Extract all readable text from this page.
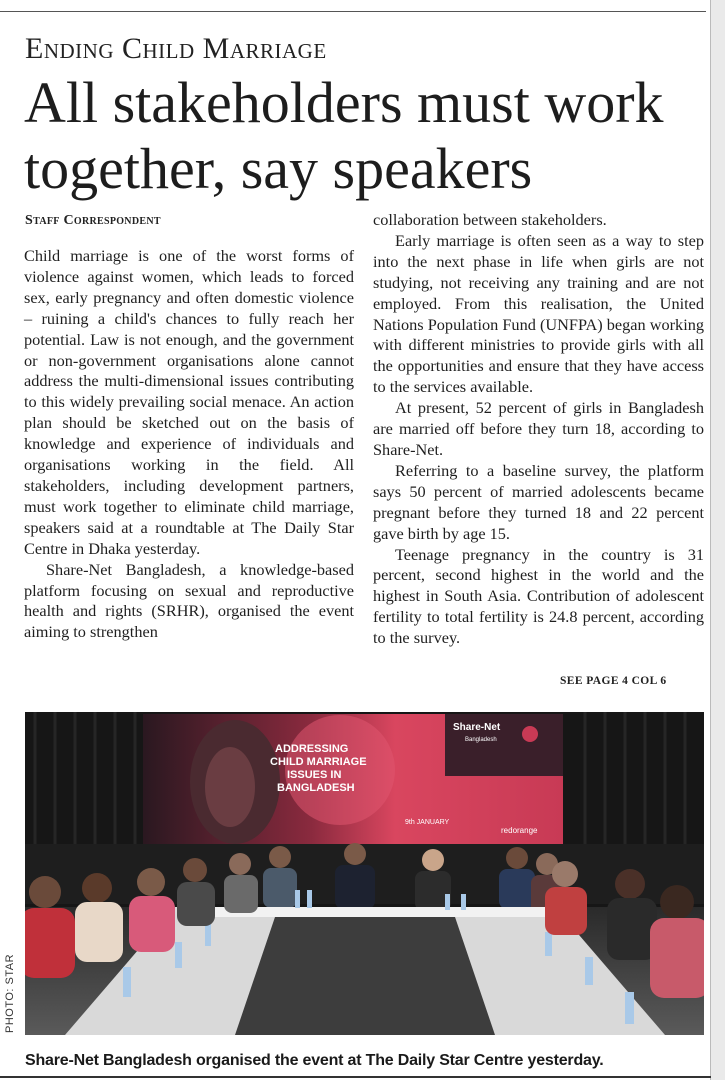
Ending Child Marriage
All stakeholders must work
together, say speakers
Staff Correspondent

Child marriage is one of the worst forms of violence against women, which leads to forced sex, early pregnancy and often domestic violence – ruining a child's chances to fully reach her potential. Law is not enough, and the government or non-government organisations alone cannot address the multi-dimensional issues contributing to this widely prevailing social menace. An action plan should be sketched out on the basis of knowledge and experience of individuals and organisations working in the field. All stakeholders, including development partners, must work together to eliminate child marriage, speakers said at a roundtable at The Daily Star Centre in Dhaka yesterday.

Share-Net Bangladesh, a knowledge-based platform focusing on sexual and reproductive health and rights (SRHR), organised the event aiming to strengthen

collaboration between stakeholders.

Early marriage is often seen as a way to step into the next phase in life when girls are not studying, not receiving any training and are not employed. From this realisation, the United Nations Population Fund (UNFPA) began working with different ministries to provide girls with all the opportunities and ensure that they have access to the services available.

At present, 52 percent of girls in Bangladesh are married off before they turn 18, according to Share-Net.

Referring to a baseline survey, the platform says 50 percent of married adolescents became pregnant before they turned 18 and 22 percent gave birth by age 15.

Teenage pregnancy in the country is 31 percent, second highest in the world and the highest in South Asia. Contribution of adolescent fertility to total fertility is 24.8 percent, according to the survey.

SEE PAGE 4 COL 6
ADDRESSING
CHILD MARRIAGE
ISSUES IN
BANGLADESH
9th JANUARY
Share-Net
Bangladesh
redorange
PHOTO: STAR
Share-Net Bangladesh organised the event at The Daily Star Centre yesterday.
